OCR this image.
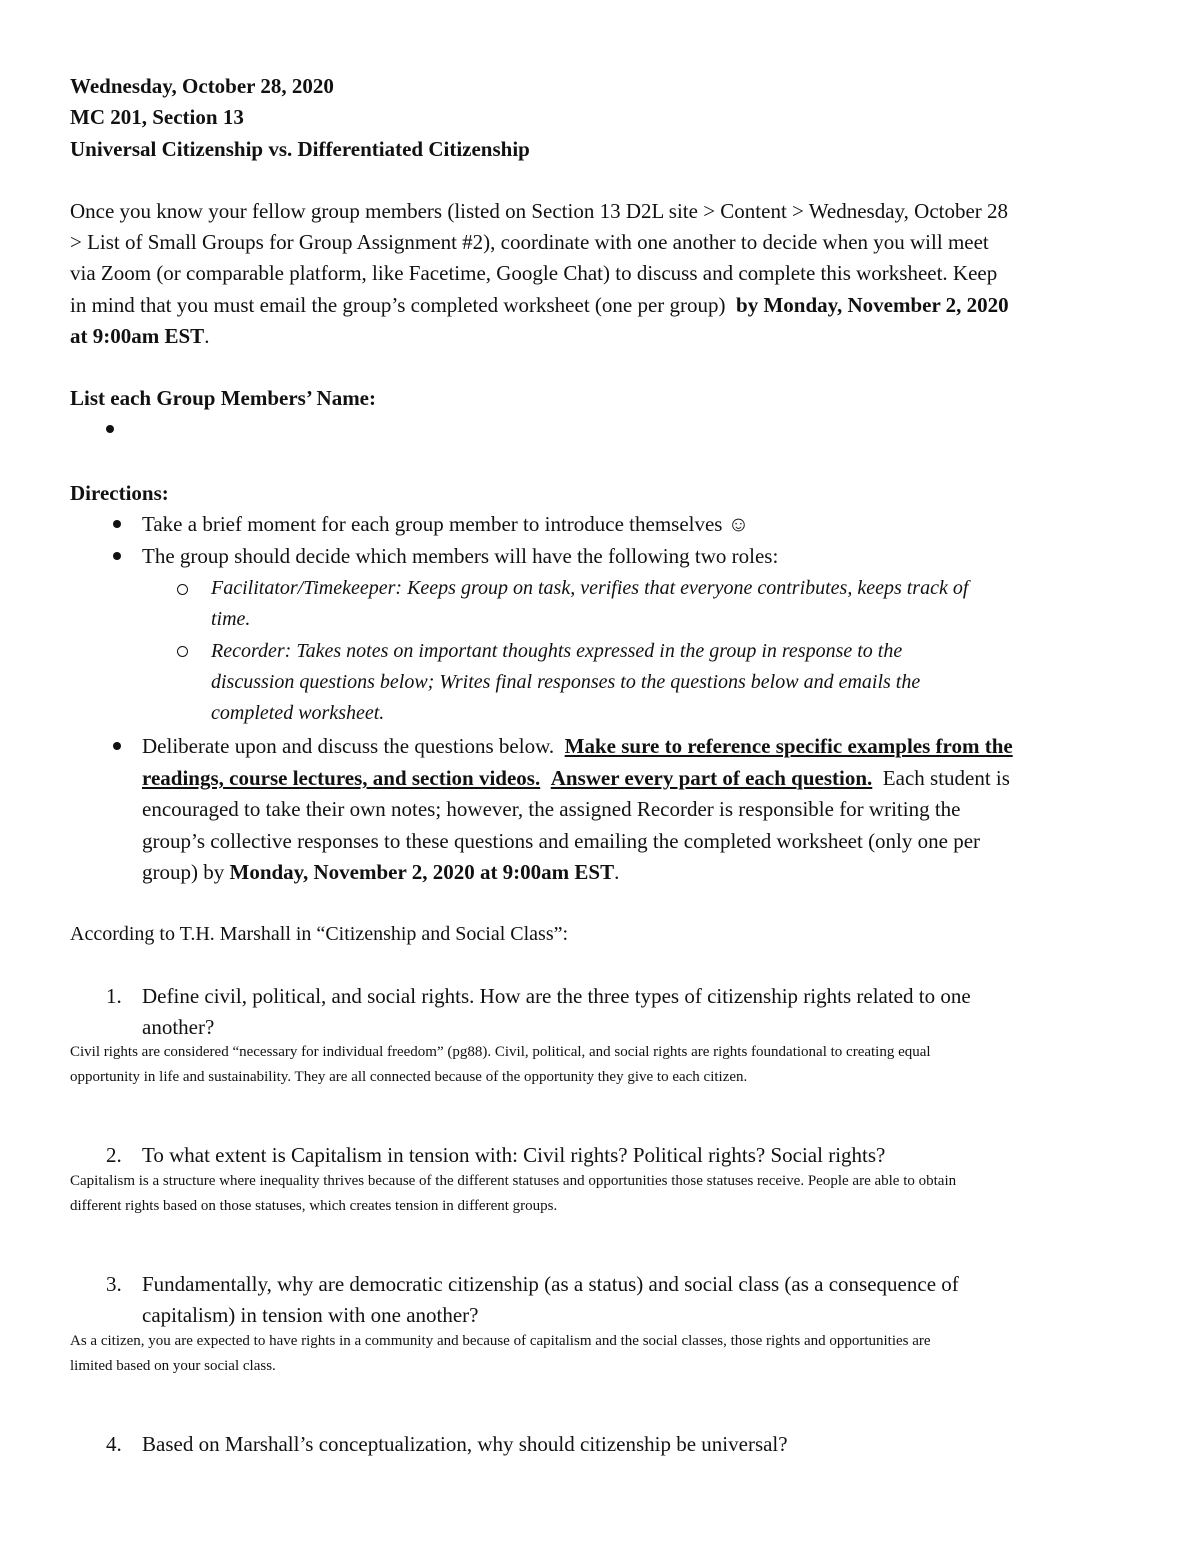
Wednesday, October 28, 2020
MC 201, Section 13
Universal Citizenship vs. Differentiated Citizenship
Once you know your fellow group members (listed on Section 13 D2L site > Content > Wednesday, October 28
> List of Small Groups for Group Assignment #2), coordinate with one another to decide when you will meet
via Zoom (or comparable platform, like Facetime, Google Chat) to discuss and complete this worksheet. Keep
in mind that you must email the group’s completed worksheet (one per group) by Monday, November 2, 2020
at 9:00am EST.
List each Group Members’ Name:
Directions:
Take a brief moment for each group member to introduce themselves ☺
The group should decide which members will have the following two roles:
Facilitator/Timekeeper: Keeps group on task, verifies that everyone contributes, keeps track of
time.
Recorder: Takes notes on important thoughts expressed in the group in response to the
discussion questions below; Writes final responses to the questions below and emails the
completed worksheet.
Deliberate upon and discuss the questions below. Make sure to reference specific examples from the
readings, course lectures, and section videos. Answer every part of each question. Each student is
encouraged to take their own notes; however, the assigned Recorder is responsible for writing the
group’s collective responses to these questions and emailing the completed worksheet (only one per
group) by Monday, November 2, 2020 at 9:00am EST.
According to T.H. Marshall in “Citizenship and Social Class”:
1. Define civil, political, and social rights. How are the three types of citizenship rights related to one
another?
Civil rights are considered “necessary for individual freedom” (pg88). Civil, political, and social rights are rights foundational to creating equal
opportunity in life and sustainability. They are all connected because of the opportunity they give to each citizen.
2. To what extent is Capitalism in tension with: Civil rights? Political rights? Social rights?
Capitalism is a structure where inequality thrives because of the different statuses and opportunities those statuses receive. People are able to obtain
different rights based on those statuses, which creates tension in different groups.
3. Fundamentally, why are democratic citizenship (as a status) and social class (as a consequence of
capitalism) in tension with one another?
As a citizen, you are expected to have rights in a community and because of capitalism and the social classes, those rights and opportunities are
limited based on your social class.
4. Based on Marshall’s conceptualization, why should citizenship be universal?
